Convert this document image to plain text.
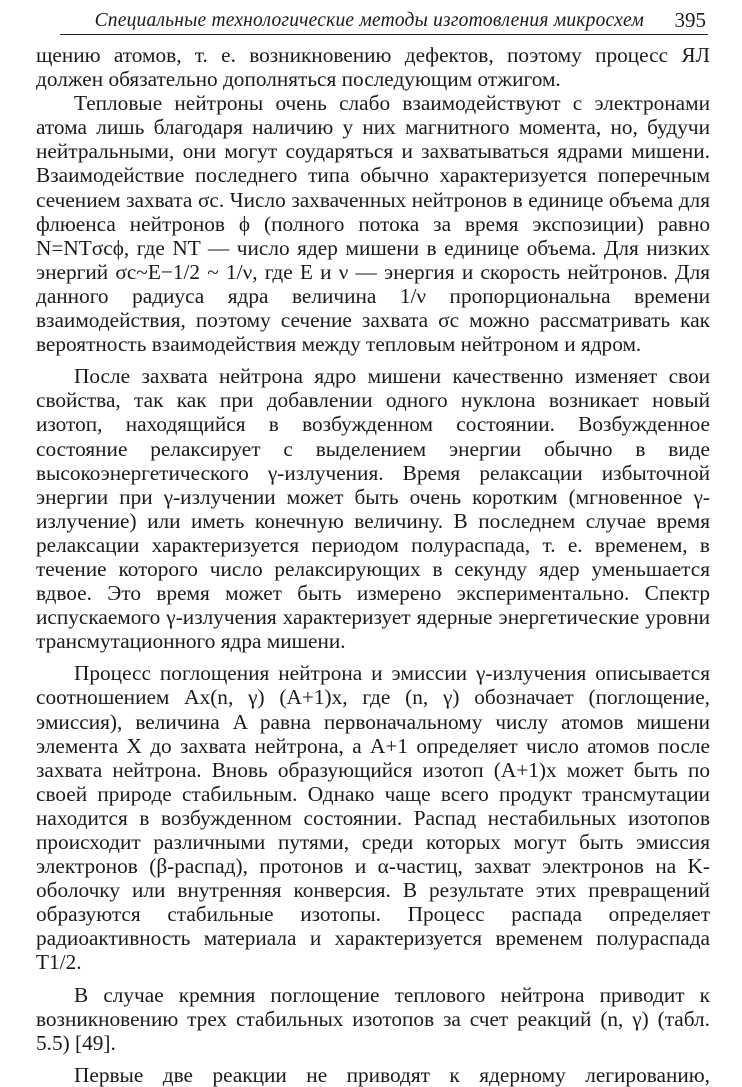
Специальные технологические методы изготовления микросхем 395

щению атомов, т. е. возникновению дефектов, поэтому процесс ЯЛ должен обязательно дополняться последующим отжигом.

Тепловые нейтроны очень слабо взаимодействуют с электронами атома лишь благодаря наличию у них магнитного момента, но, будучи нейтральными, они могут соударяться и захватываться ядрами мишени. Взаимодействие последнего типа обычно характеризуется поперечным сечением захвата σc. Число захваченных нейтронов в единице объема для флюенса нейтронов ϕ (полного потока за время экспозиции) равно N=NTσcϕ, где NT — число ядер мишени в единице объема. Для низких энергий σc~E−1/2 ~ 1/ν, где E и ν — энергия и скорость нейтронов. Для данного радиуса ядра величина 1/ν пропорциональна времени взаимодействия, поэтому сечение захвата σc можно рассматривать как вероятность взаимодействия между тепловым нейтроном и ядром.

После захвата нейтрона ядро мишени качественно изменяет свои свойства, так как при добавлении одного нуклона возникает новый изотоп, находящийся в возбужденном состоянии. Возбужденное состояние релаксирует с выделением энергии обычно в виде высокоэнергетического γ-излучения. Время релаксации избыточной энергии при γ-излучении может быть очень коротким (мгновенное γ-излучение) или иметь конечную величину. В последнем случае время релаксации характеризуется периодом полураспада, т. е. временем, в течение которого число релаксирующих в секунду ядер уменьшается вдвое. Это время может быть измерено экспериментально. Спектр испускаемого γ-излучения характеризует ядерные энергетические уровни трансмутационного ядра мишени.

Процесс поглощения нейтрона и эмиссии γ-излучения описывается соотношением Ax(n, γ) (A+1)x, где (n, γ) обозначает (поглощение, эмиссия), величина A равна первоначальному числу атомов мишени элемента X до захвата нейтрона, а A+1 определяет число атомов после захвата нейтрона. Вновь образующийся изотоп (A+1)x может быть по своей природе стабильным. Однако чаще всего продукт трансмутации находится в возбужденном состоянии. Распад нестабильных изотопов происходит различными путями, среди которых могут быть эмиссия электронов (β-распад), протонов и α-частиц, захват электронов на K-оболочку или внутренняя конверсия. В результате этих превращений образуются стабильные изотопы. Процесс распада определяет радиоактивность материала и характеризуется временем полураспада T1/2.

В случае кремния поглощение теплового нейтрона приводит к возникновению трех стабильных изотопов за счет реакций (n, γ) (табл. 5.5) [49].

Первые две реакции не приводят к ядерному легированию,
